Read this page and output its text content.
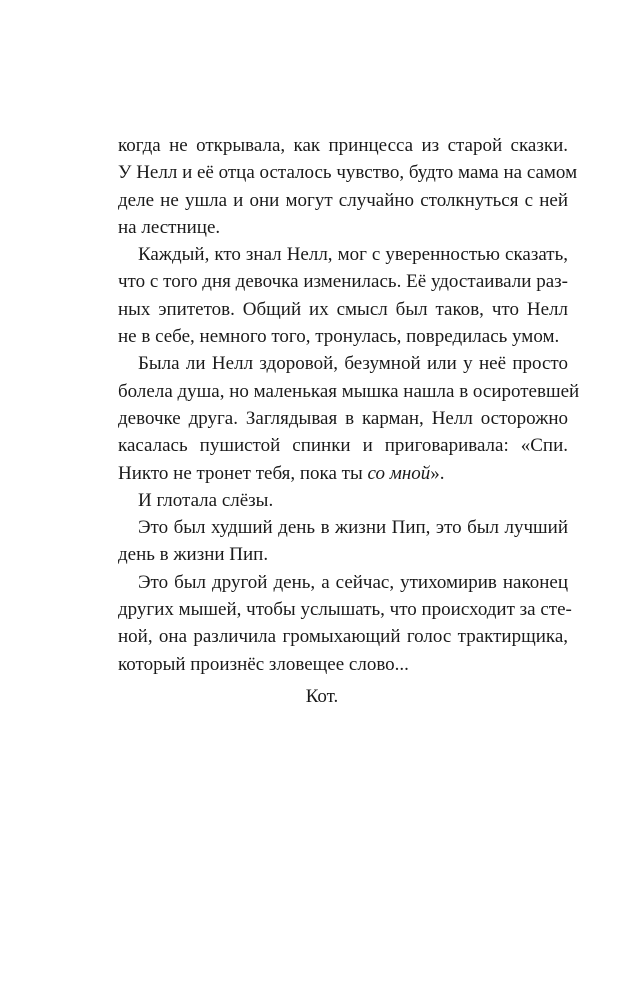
когда не открывала, как принцесса из старой сказки.
У Нелл и её отца осталось чувство, будто мама на самом
деле не ушла и они могут случайно столкнуться с ней
на лестнице.

Каждый, кто знал Нелл, мог с уверенностью сказать,
что с того дня девочка изменилась. Её удостаивали раз-
ных эпитетов. Общий их смысл был таков, что Нелл
не в себе, немного того, тронулась, повредилась умом.

Была ли Нелл здоровой, безумной или у неё просто
болела душа, но маленькая мышка нашла в осиротевшей
девочке друга. Заглядывая в карман, Нелл осторожно
касалась пушистой спинки и приговаривала: «Спи.
Никто не тронет тебя, пока ты со мной».

И глотала слёзы.

Это был худший день в жизни Пип, это был лучший
день в жизни Пип.

Это был другой день, а сейчас, утихомирив наконец
других мышей, чтобы услышать, что происходит за сте-
ной, она различила громыхающий голос трактирщика,
который произнёс зловещее слово...

Кот.
